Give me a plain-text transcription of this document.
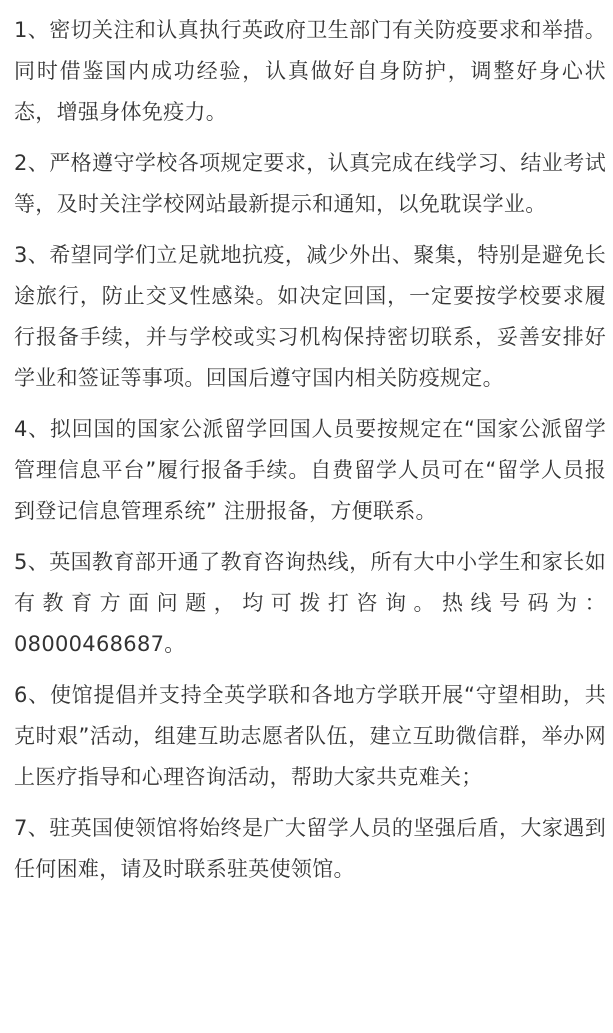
1、密切关注和认真执行英政府卫生部门有关防疫要求和举措。同时借鉴国内成功经验，认真做好自身防护，调整好身心状态，增强身体免疫力。

2、严格遵守学校各项规定要求，认真完成在线学习、结业考试等，及时关注学校网站最新提示和通知，以免耽误学业。

3、希望同学们立足就地抗疫，减少外出、聚集，特别是避免长途旅行，防止交叉性感染。如决定回国，一定要按学校要求履行报备手续，并与学校或实习机构保持密切联系，妥善安排好学业和签证等事项。回国后遵守国内相关防疫规定。

4、拟回国的国家公派留学回国人员要按规定在“国家公派留学管理信息平台”履行报备手续。自费留学人员可在“留学人员报到登记信息管理系统” 注册报备，方便联系。

5、英国教育部开通了教育咨询热线，所有大中小学生和家长如有教育方面问题，均可拨打咨询。热线号码为：08000468687。

6、使馆提倡并支持全英学联和各地方学联开展“守望相助，共克时艰”活动，组建互助志愿者队伍，建立互助微信群，举办网上医疗指导和心理咨询活动，帮助大家共克难关；

7、驻英国使领馆将始终是广大留学人员的坚强后盾，大家遇到任何困难，请及时联系驻英使领馆。
